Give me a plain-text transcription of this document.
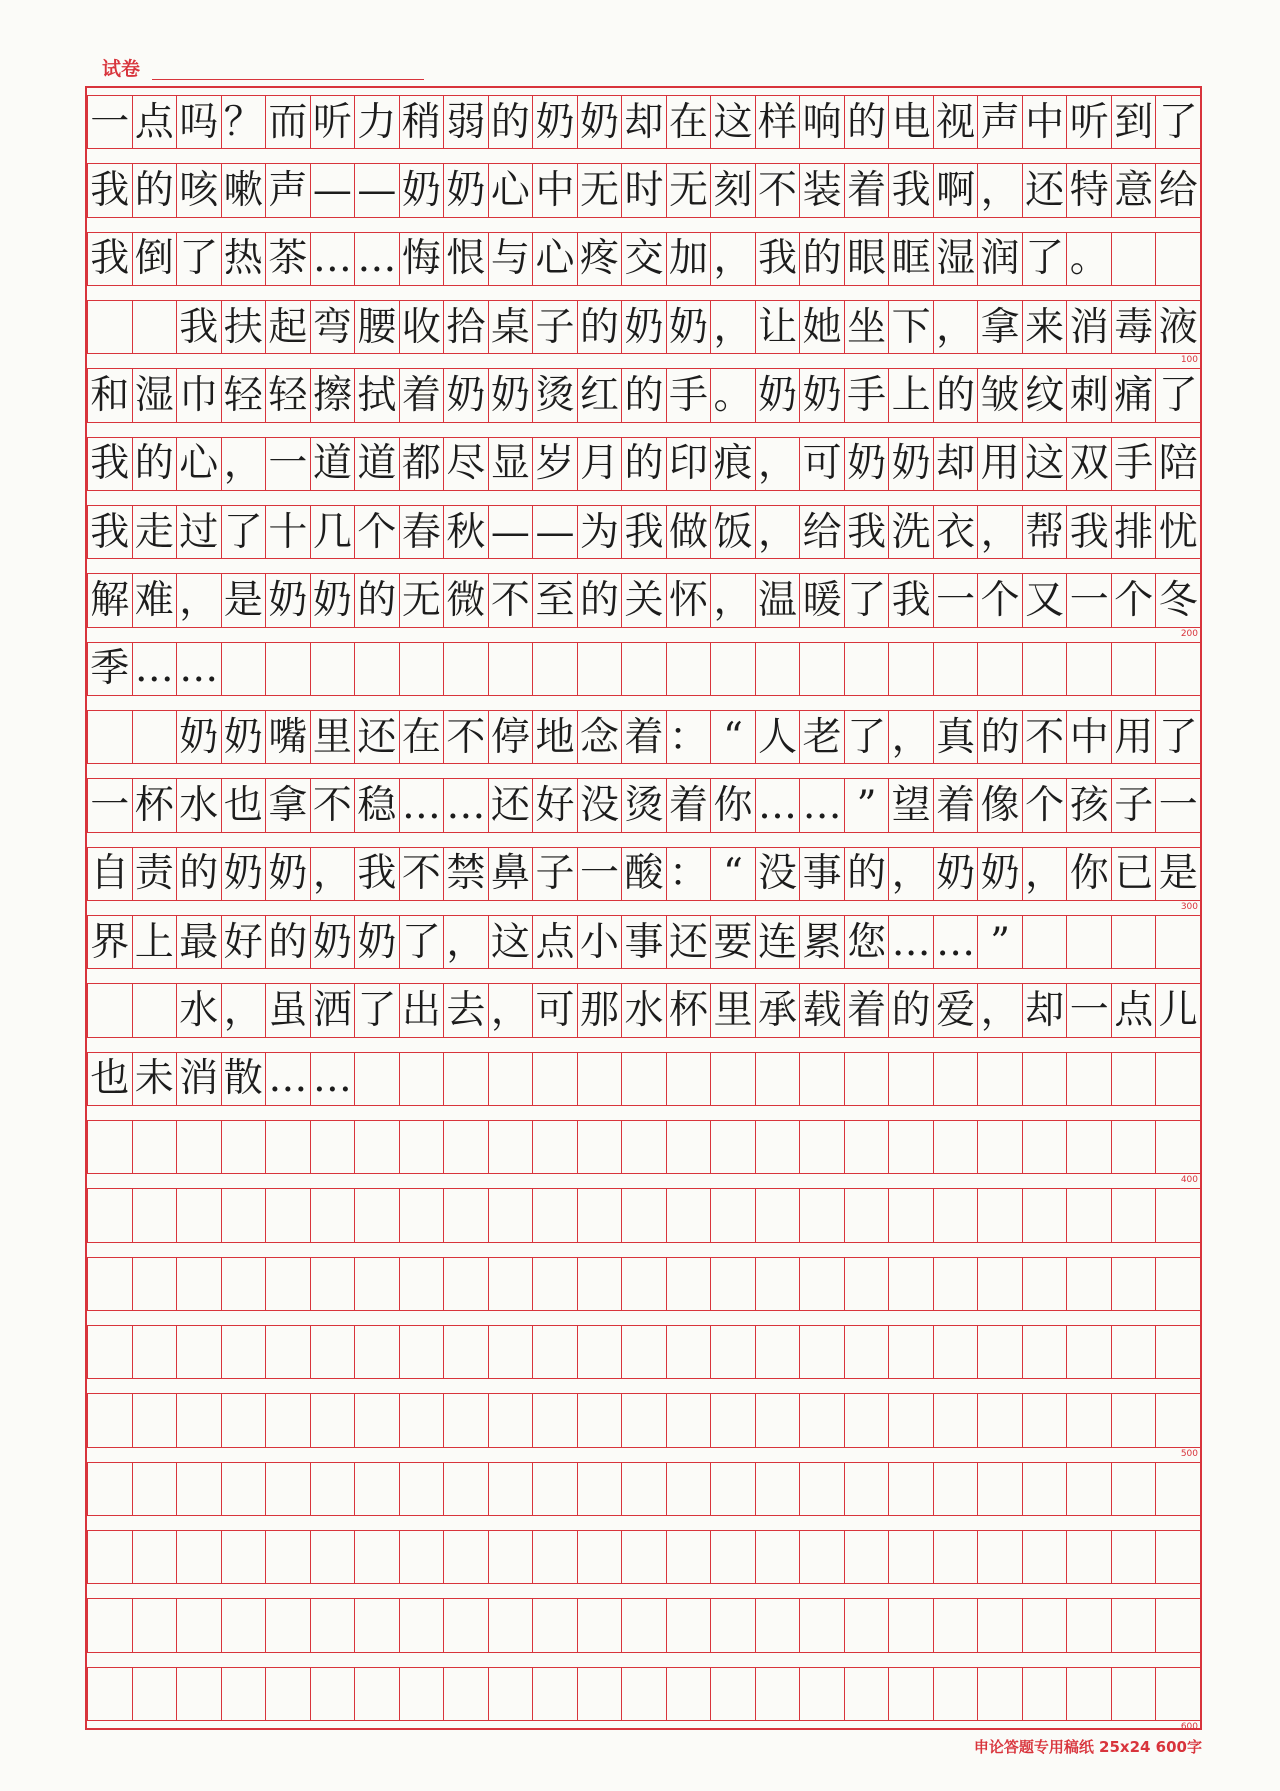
试卷
一 点 吗 ？ 而 听 力 稍 弱 的 奶 奶 却 在 这 样 响 的 电 视 声 中 听 到 了
我 的 咳 嗽 声 — — 奶 奶 心 中 无 时 无 刻 不 装 着 我 啊 ， 还 特 意 给
我 倒 了 热 茶 … … 悔 恨 与 心 疼 交 加 ， 我 的 眼 眶 湿 润 了 。
我 扶 起 弯 腰 收 拾 桌 子 的 奶 奶 ， 让 她 坐 下 ， 拿 来 消 毒 液
100
和 湿 巾 轻 轻 擦 拭 着 奶 奶 烫 红 的 手 。 奶 奶 手 上 的 皱 纹 刺 痛 了
我 的 心 ， 一 道 道 都 尽 显 岁 月 的 印 痕 ， 可 奶 奶 却 用 这 双 手 陪
我 走 过 了 十 几 个 春 秋 — — 为 我 做 饭 ， 给 我 洗 衣 ， 帮 我 排 忧
解 难 ， 是 奶 奶 的 无 微 不 至 的 关 怀 ， 温 暖 了 我 一 个 又 一 个 冬
200
季 … …
奶 奶 嘴 里 还 在 不 停 地 念 着 ： “ 人 老 了 ， 真 的 不 中 用 了
一 杯 水 也 拿 不 稳 … … 还 好 没 烫 着 你 … … ” 望 着 像 个 孩 子 一
自 责 的 奶 奶 ， 我 不 禁 鼻 子 一 酸 ： “ 没 事 的 ， 奶 奶 ， 你 已 是
300
界 上 最 好 的 奶 奶 了 ， 这 点 小 事 还 要 连 累 您 … … ”
水 ， 虽 洒 了 出 去 ， 可 那 水 杯 里 承 载 着 的 爱 ， 却 一 点 儿
也 未 消 散 … …
400
500
600
申论答题专用稿纸 25x24 600字
